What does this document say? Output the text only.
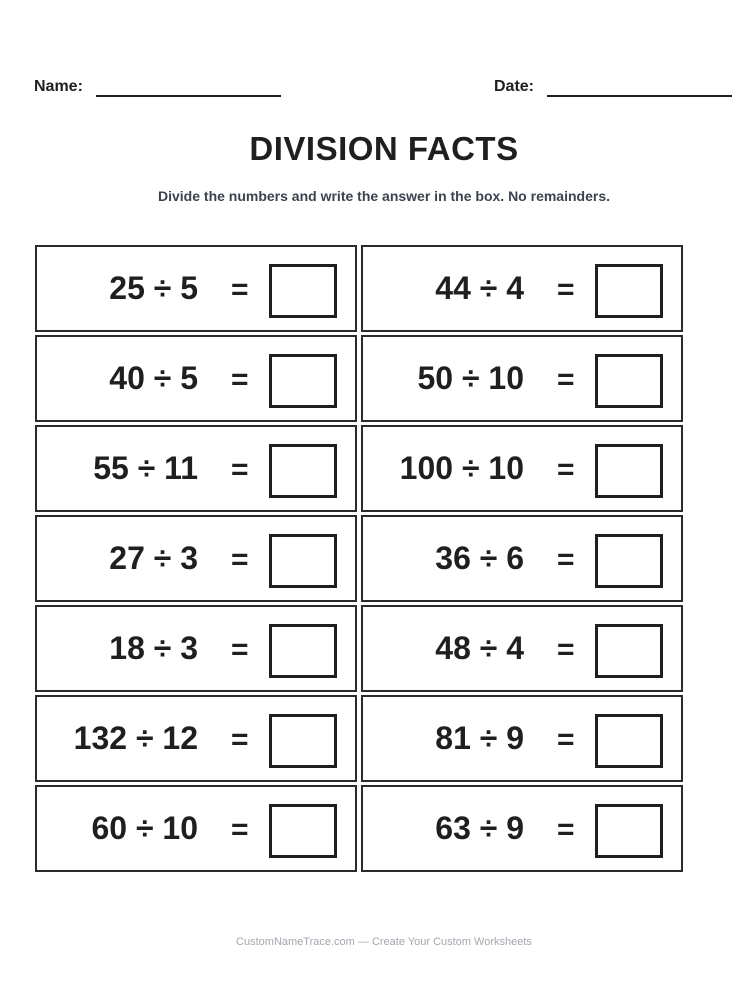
Name:	Date:
DIVISION FACTS
Divide the numbers and write the answer in the box. No remainders.
25 ÷ 5 =	44 ÷ 4 =
40 ÷ 5 =	50 ÷ 10 =
55 ÷ 11 =	100 ÷ 10 =
27 ÷ 3 =	36 ÷ 6 =
18 ÷ 3 =	48 ÷ 4 =
132 ÷ 12 =	81 ÷ 9 =
60 ÷ 10 =	63 ÷ 9 =
CustomNameTrace.com — Create Your Custom Worksheets
